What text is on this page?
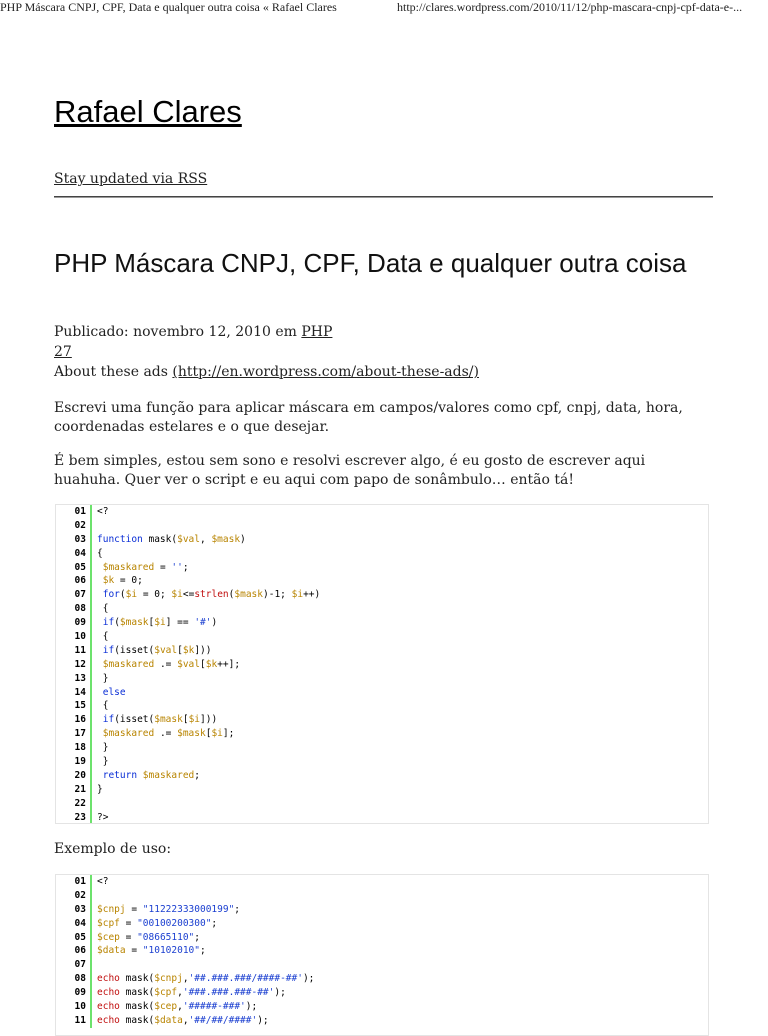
PHP Máscara CNPJ, CPF, Data e qualquer outra coisa « Rafael Clares	http://clares.wordpress.com/2010/11/12/php-mascara-cnpj-cpf-data-e-...
Rafael Clares
Stay updated via RSS
PHP Máscara CNPJ, CPF, Data e qualquer outra coisa
Publicado: novembro 12, 2010 em PHP
27
About these ads (http://en.wordpress.com/about-these-ads/)

Escrevi uma função para aplicar máscara em campos/valores como cpf, cnpj, data, hora, coordenadas estelares e o que desejar.

É bem simples, estou sem sono e resolvi escrever algo, é eu gosto de escrever aqui huahuha. Quer ver o script e eu aqui com papo de sonâmbulo… então tá!

01 <?
02
03 function mask($val, $mask)
04 {
05 $maskared = '';
06 $k = 0;
07 for($i = 0; $i<=strlen($mask)-1; $i++)
08 {
09 if($mask[$i] == '#')
10 {
11 if(isset($val[$k]))
12 $maskared .= $val[$k++];
13 }
14 else
15 {
16 if(isset($mask[$i]))
17 $maskared .= $mask[$i];
18 }
19 }
20 return $maskared;
21 }
22
23 ?>
Exemplo de uso:
01 <?
02
03 $cnpj = "11222333000199";
04 $cpf = "00100200300";
05 $cep = "08665110";
06 $data = "10102010";
07
08 echo mask($cnpj,'##.###.###/####-##');
09 echo mask($cpf,'###.###.###-##');
10 echo mask($cep,'#####-###');
11 echo mask($data,'##/##/####');
